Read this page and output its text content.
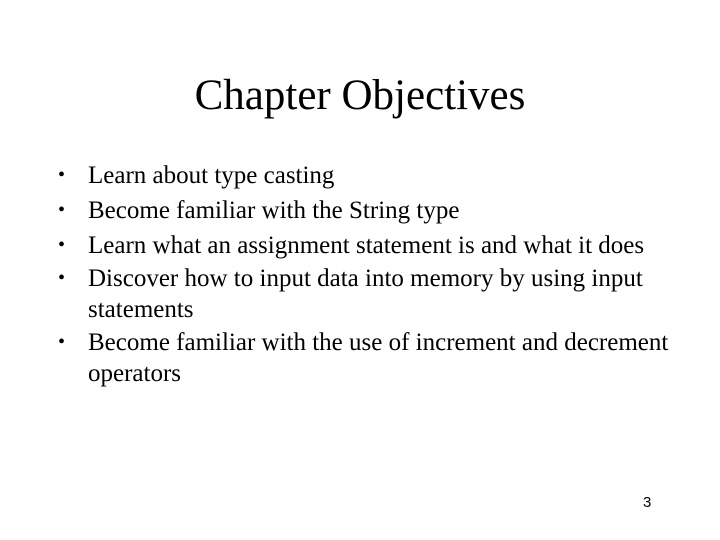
Chapter Objectives
• Learn about type casting
• Become familiar with the String type
• Learn what an assignment statement is and what it does
• Discover how to input data into memory by using input statements
• Become familiar with the use of increment and decrement operators
3
